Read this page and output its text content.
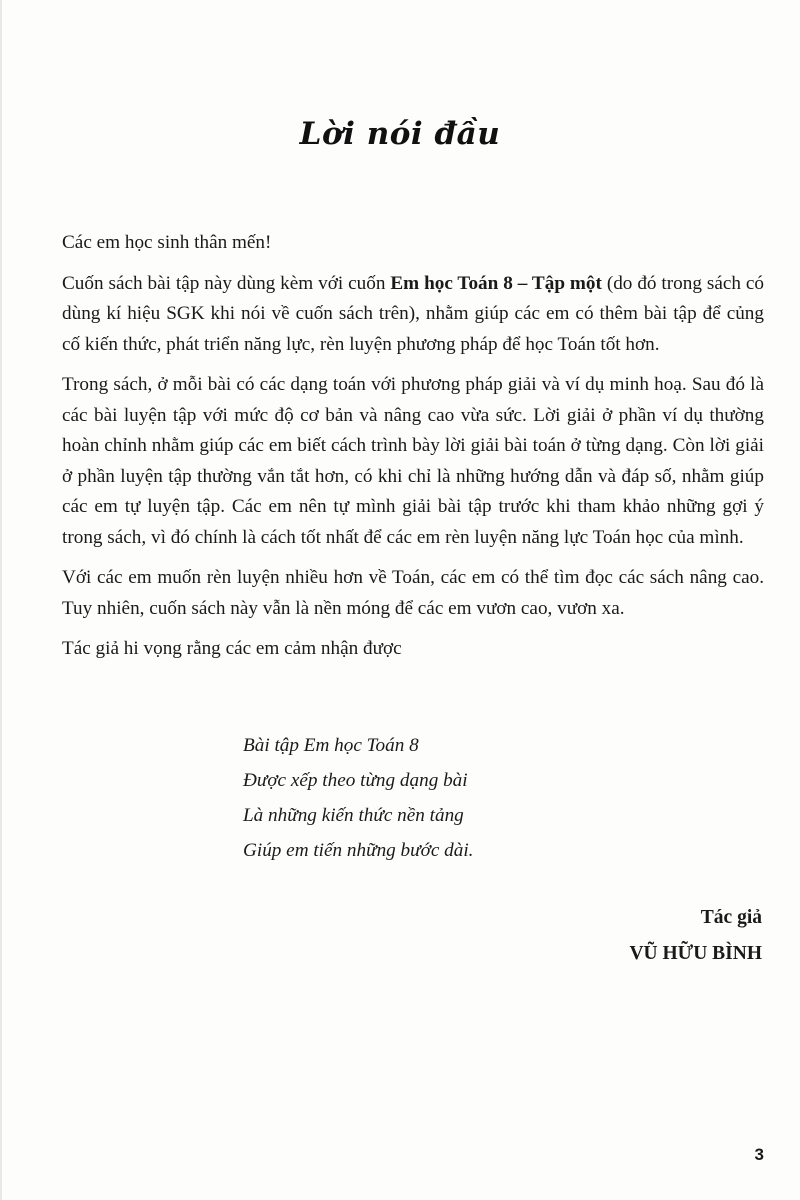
Lời nói đầu

Các em học sinh thân mến!

Cuốn sách bài tập này dùng kèm với cuốn Em học Toán 8 – Tập một (do đó trong sách có dùng kí hiệu SGK khi nói về cuốn sách trên), nhằm giúp các em có thêm bài tập để củng cố kiến thức, phát triển năng lực, rèn luyện phương pháp để học Toán tốt hơn.

Trong sách, ở mỗi bài có các dạng toán với phương pháp giải và ví dụ minh hoạ. Sau đó là các bài luyện tập với mức độ cơ bản và nâng cao vừa sức. Lời giải ở phần ví dụ thường hoàn chỉnh nhằm giúp các em biết cách trình bày lời giải bài toán ở từng dạng. Còn lời giải ở phần luyện tập thường vắn tắt hơn, có khi chỉ là những hướng dẫn và đáp số, nhằm giúp các em tự luyện tập. Các em nên tự mình giải bài tập trước khi tham khảo những gợi ý trong sách, vì đó chính là cách tốt nhất để các em rèn luyện năng lực Toán học của mình.

Với các em muốn rèn luyện nhiều hơn về Toán, các em có thể tìm đọc các sách nâng cao. Tuy nhiên, cuốn sách này vẫn là nền móng để các em vươn cao, vươn xa.

Tác giả hi vọng rằng các em cảm nhận được

Bài tập Em học Toán 8
Được xếp theo từng dạng bài
Là những kiến thức nền tảng
Giúp em tiến những bước dài.
Tác giả
VŨ HỮU BÌNH
3
